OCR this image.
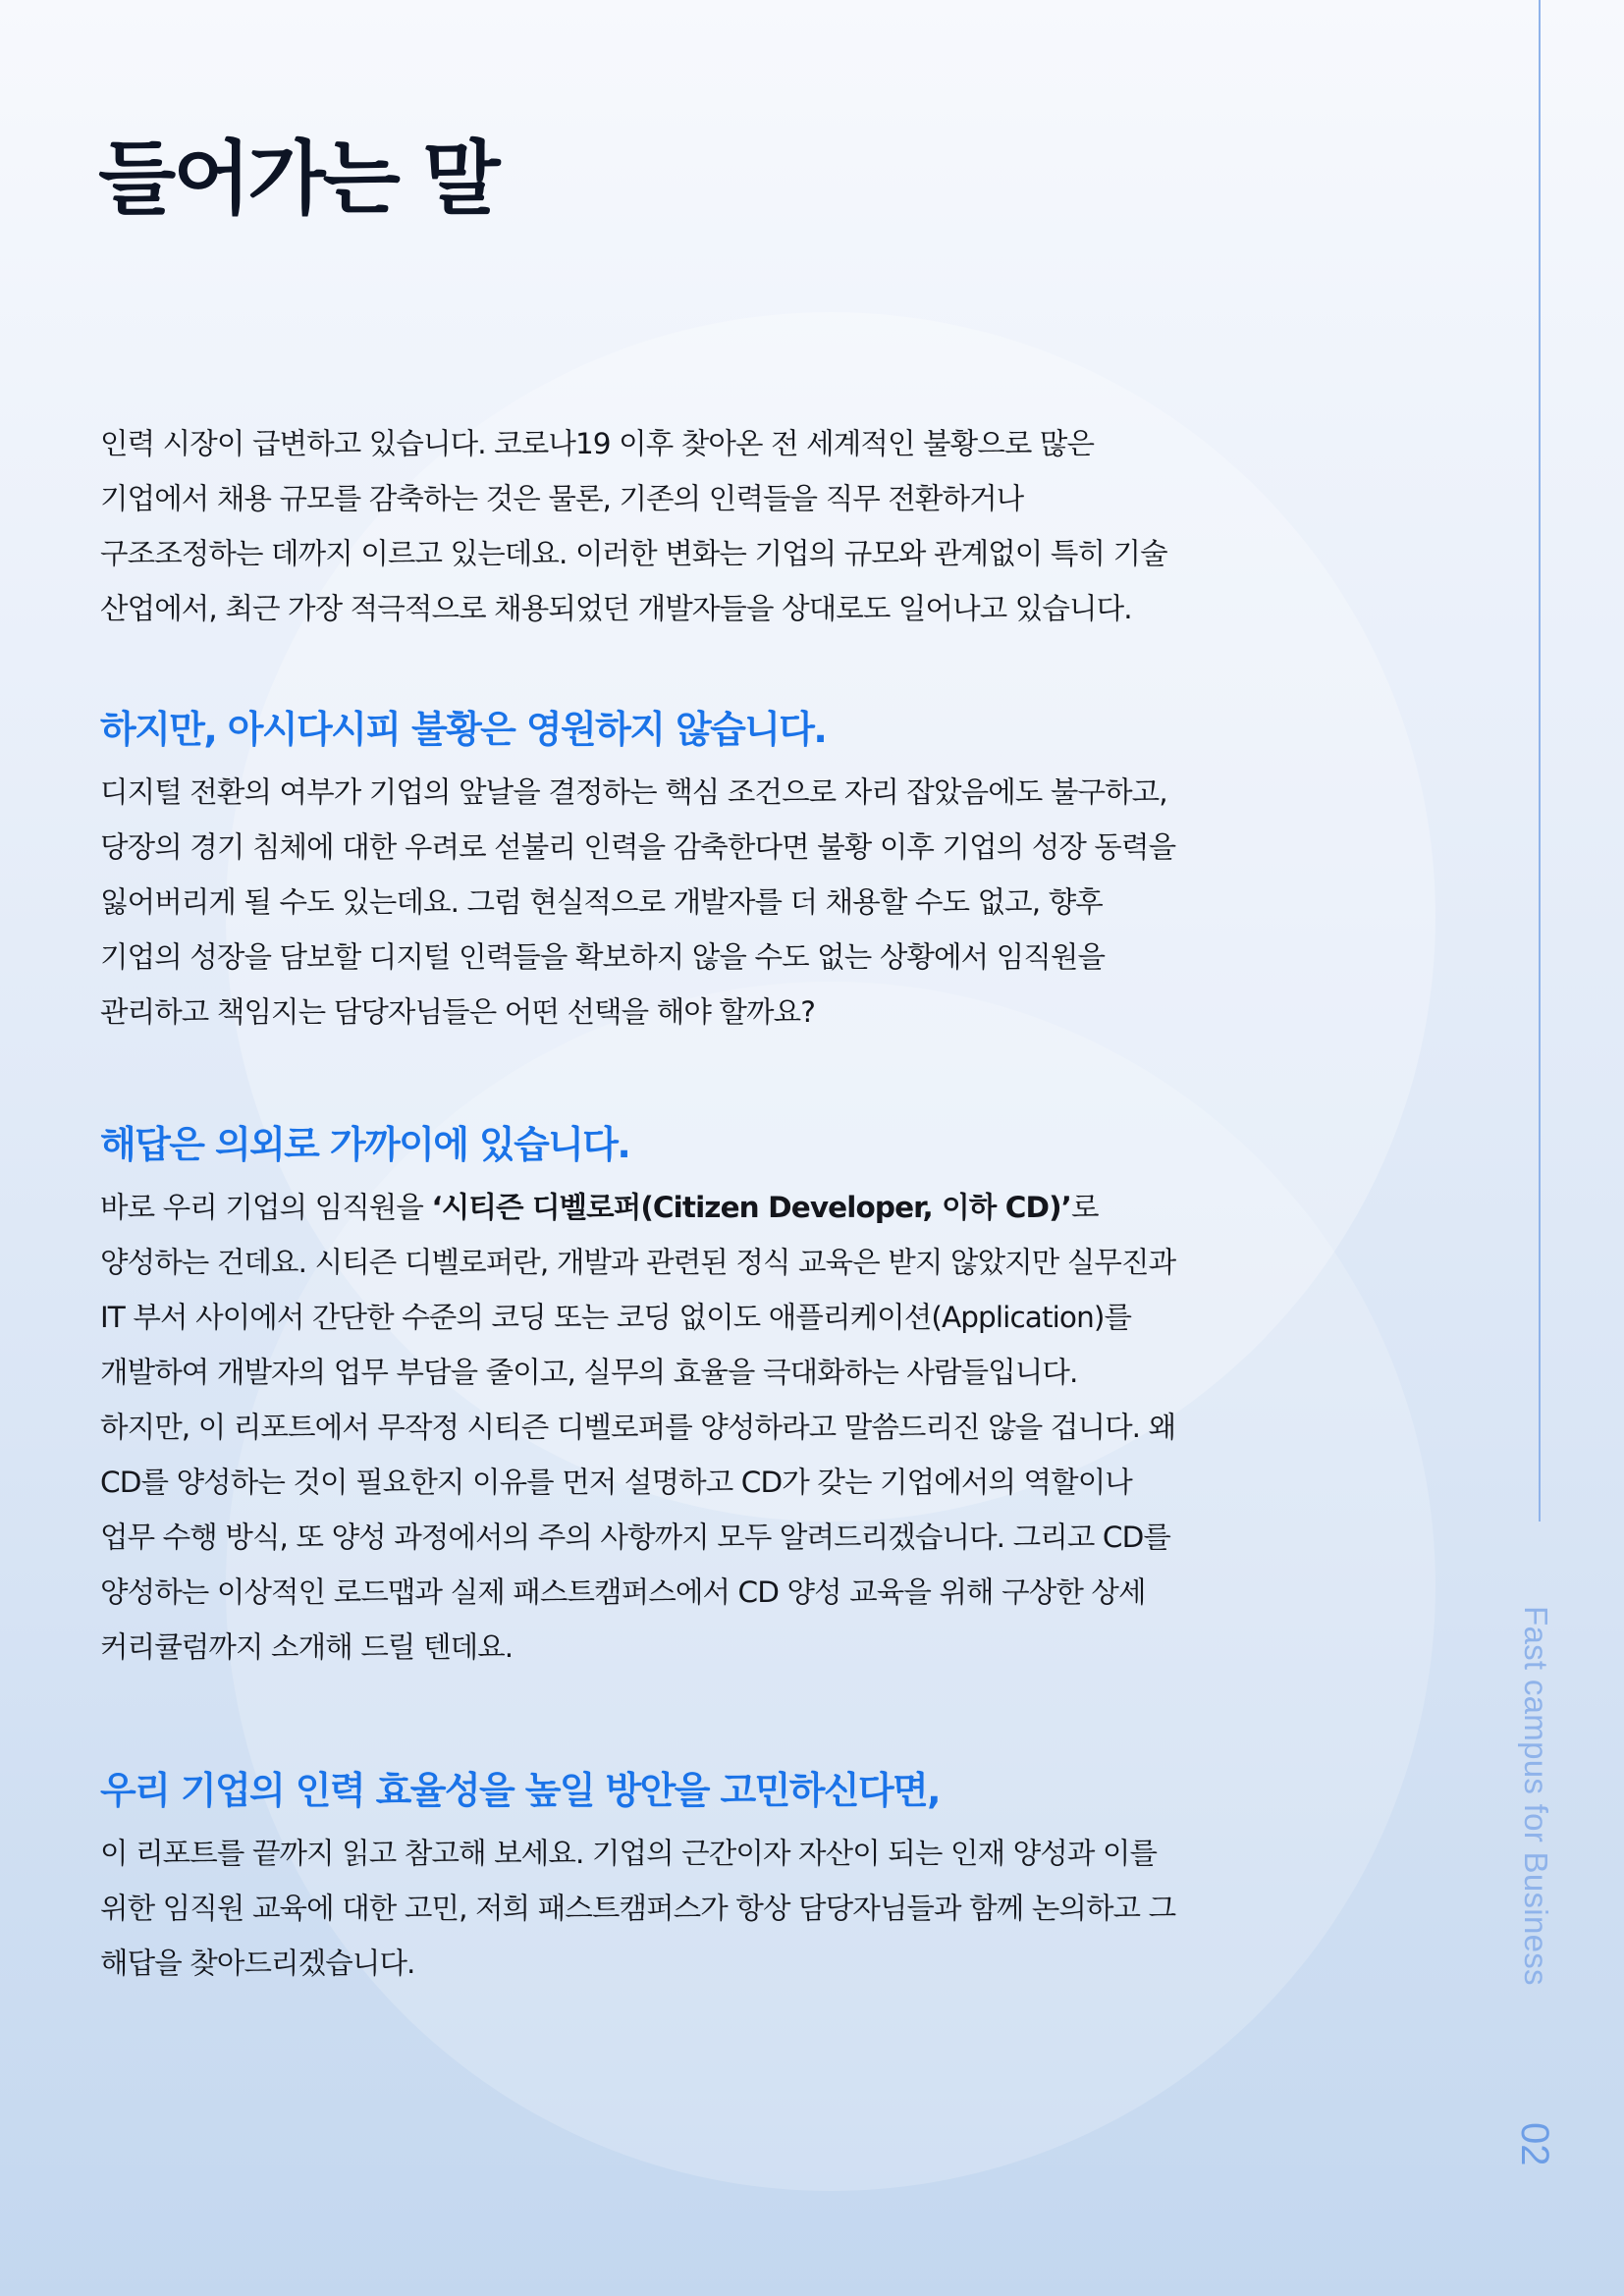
Fast campus for Business
02
들어가는 말

인력 시장이 급변하고 있습니다. 코로나19 이후 찾아온 전 세계적인 불황으로 많은 기업에서 채용 규모를 감축하는 것은 물론, 기존의 인력들을 직무 전환하거나 구조조정하는 데까지 이르고 있는데요. 이러한 변화는 기업의 규모와 관계없이 특히 기술 산업에서, 최근 가장 적극적으로 채용되었던 개발자들을 상대로도 일어나고 있습니다.

하지만, 아시다시피 불황은 영원하지 않습니다.

디지털 전환의 여부가 기업의 앞날을 결정하는 핵심 조건으로 자리 잡았음에도 불구하고, 당장의 경기 침체에 대한 우려로 섣불리 인력을 감축한다면 불황 이후 기업의 성장 동력을 잃어버리게 될 수도 있는데요. 그럼 현실적으로 개발자를 더 채용할 수도 없고, 향후 기업의 성장을 담보할 디지털 인력들을 확보하지 않을 수도 없는 상황에서 임직원을 관리하고 책임지는 담당자님들은 어떤 선택을 해야 할까요?

해답은 의외로 가까이에 있습니다.

바로 우리 기업의 임직원을 ‘시티즌 디벨로퍼(Citizen Developer, 이하 CD)’로 양성하는 건데요. 시티즌 디벨로퍼란, 개발과 관련된 정식 교육은 받지 않았지만 실무진과 IT 부서 사이에서 간단한 수준의 코딩 또는 코딩 없이도 애플리케이션(Application)를 개발하여 개발자의 업무 부담을 줄이고, 실무의 효율을 극대화하는 사람들입니다.

하지만, 이 리포트에서 무작정 시티즌 디벨로퍼를 양성하라고 말씀드리진 않을 겁니다. 왜 CD를 양성하는 것이 필요한지 이유를 먼저 설명하고 CD가 갖는 기업에서의 역할이나 업무 수행 방식, 또 양성 과정에서의 주의 사항까지 모두 알려드리겠습니다. 그리고 CD를 양성하는 이상적인 로드맵과 실제 패스트캠퍼스에서 CD 양성 교육을 위해 구상한 상세 커리큘럼까지 소개해 드릴 텐데요.

우리 기업의 인력 효율성을 높일 방안을 고민하신다면,

이 리포트를 끝까지 읽고 참고해 보세요. 기업의 근간이자 자산이 되는 인재 양성과 이를 위한 임직원 교육에 대한 고민, 저희 패스트캠퍼스가 항상 담당자님들과 함께 논의하고 그 해답을 찾아드리겠습니다.
